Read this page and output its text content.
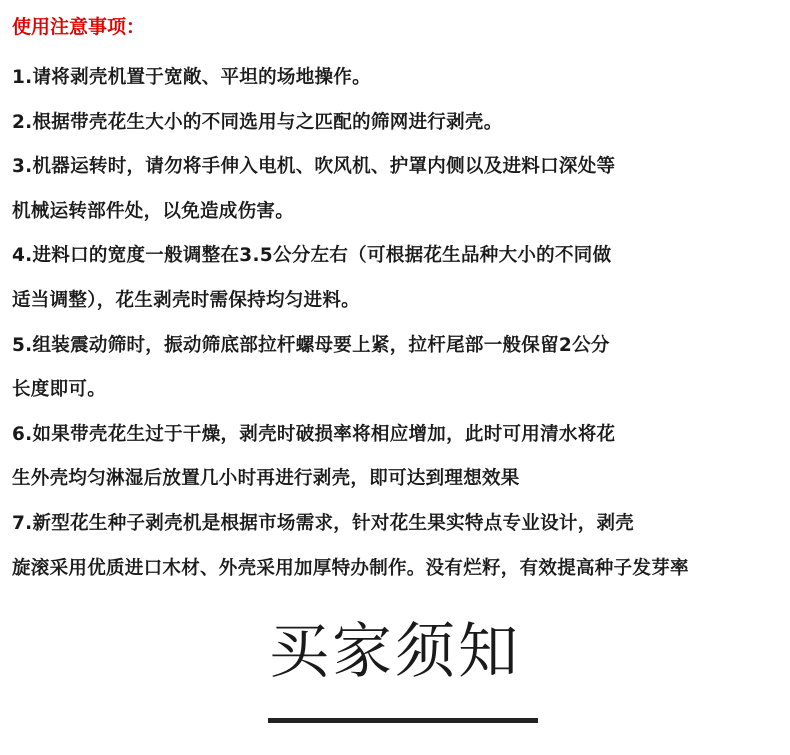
使用注意事项：
1.请将剥壳机置于宽敞、平坦的场地操作。
2.根据带壳花生大小的不同选用与之匹配的筛网进行剥壳。
3.机器运转时，请勿将手伸入电机、吹风机、护罩内侧以及进料口深处等
机械运转部件处，以免造成伤害。
4.进料口的宽度一般调整在3.5公分左右（可根据花生品种大小的不同做
适当调整），花生剥壳时需保持均匀进料。
5.组装震动筛时，振动筛底部拉杆螺母要上紧，拉杆尾部一般保留2公分
长度即可。
6.如果带壳花生过于干燥，剥壳时破损率将相应增加，此时可用清水将花
生外壳均匀淋湿后放置几小时再进行剥壳，即可达到理想效果
7.新型花生种子剥壳机是根据市场需求，针对花生果实特点专业设计，剥壳
旋滚采用优质进口木材、外壳采用加厚特办制作。没有烂籽，有效提高种子发芽率
买家须知
